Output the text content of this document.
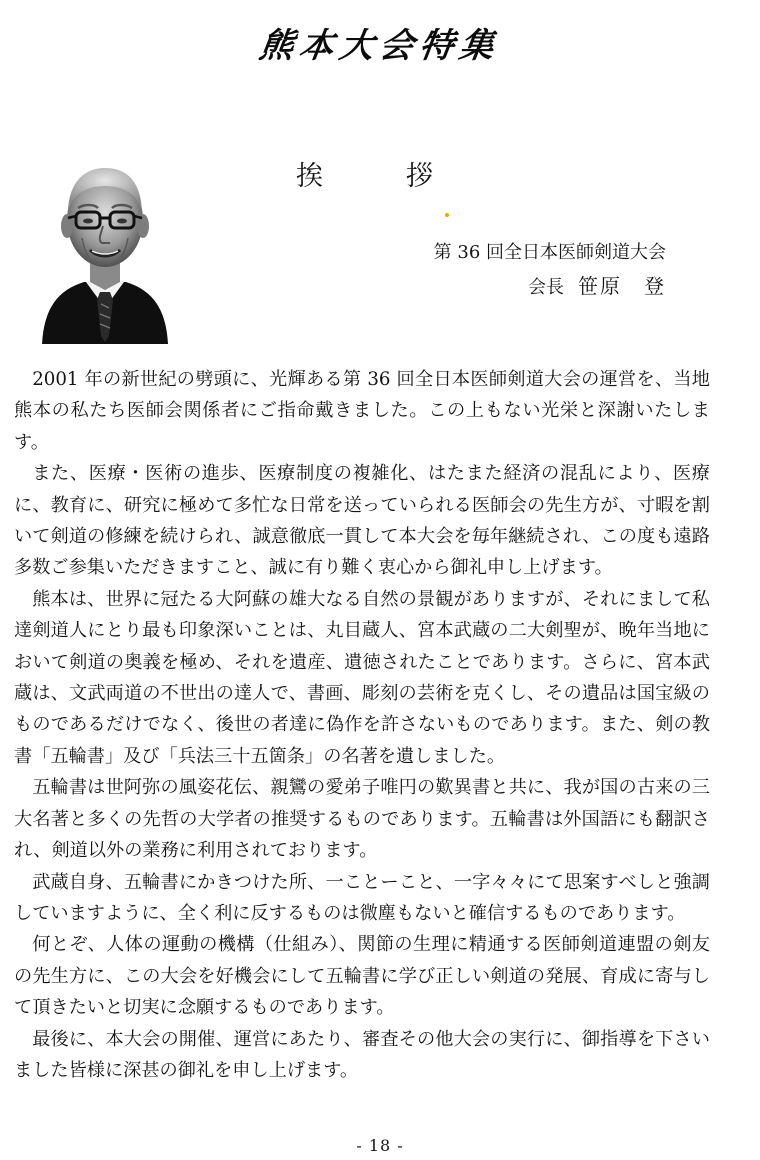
熊本大会特集
挨　拶
第 36 回全日本医師剣道大会
会長 笹原　登

2001 年の新世紀の劈頭に、光輝ある第 36 回全日本医師剣道大会の運営を、当地熊本の私たち医師会関係者にご指命戴きました。この上もない光栄と深謝いたします。

また、医療・医術の進歩、医療制度の複雑化、はたまた経済の混乱により、医療に、教育に、研究に極めて多忙な日常を送っていられる医師会の先生方が、寸暇を割いて剣道の修練を続けられ、誠意徹底一貫して本大会を毎年継続され、この度も遠路多数ご参集いただきますこと、誠に有り難く衷心から御礼申し上げます。

熊本は、世界に冠たる大阿蘇の雄大なる自然の景観がありますが、それにまして私達剣道人にとり最も印象深いことは、丸目蔵人、宮本武蔵の二大剣聖が、晩年当地において剣道の奥義を極め、それを遺産、遺徳されたことであります。さらに、宮本武蔵は、文武両道の不世出の達人で、書画、彫刻の芸術を克くし、その遺品は国宝級のものであるだけでなく、後世の者達に偽作を許さないものであります。また、剣の教書「五輪書」及び「兵法三十五箇条」の名著を遺しました。

五輪書は世阿弥の風姿花伝、親鸞の愛弟子唯円の歎異書と共に、我が国の古来の三大名著と多くの先哲の大学者の推奨するものであります。五輪書は外国語にも翻訳され、剣道以外の業務に利用されております。

武蔵自身、五輪書にかきつけた所、一ことーこと、一字々々にて思案すべしと強調していますように、全く利に反するものは微塵もないと確信するものであります。

何とぞ、人体の運動の機構（仕組み）、関節の生理に精通する医師剣道連盟の剣友の先生方に、この大会を好機会にして五輪書に学び正しい剣道の発展、育成に寄与して頂きたいと切実に念願するものであります。

最後に、本大会の開催、運営にあたり、審査その他大会の実行に、御指導を下さいました皆様に深甚の御礼を申し上げます。

- 18 -
